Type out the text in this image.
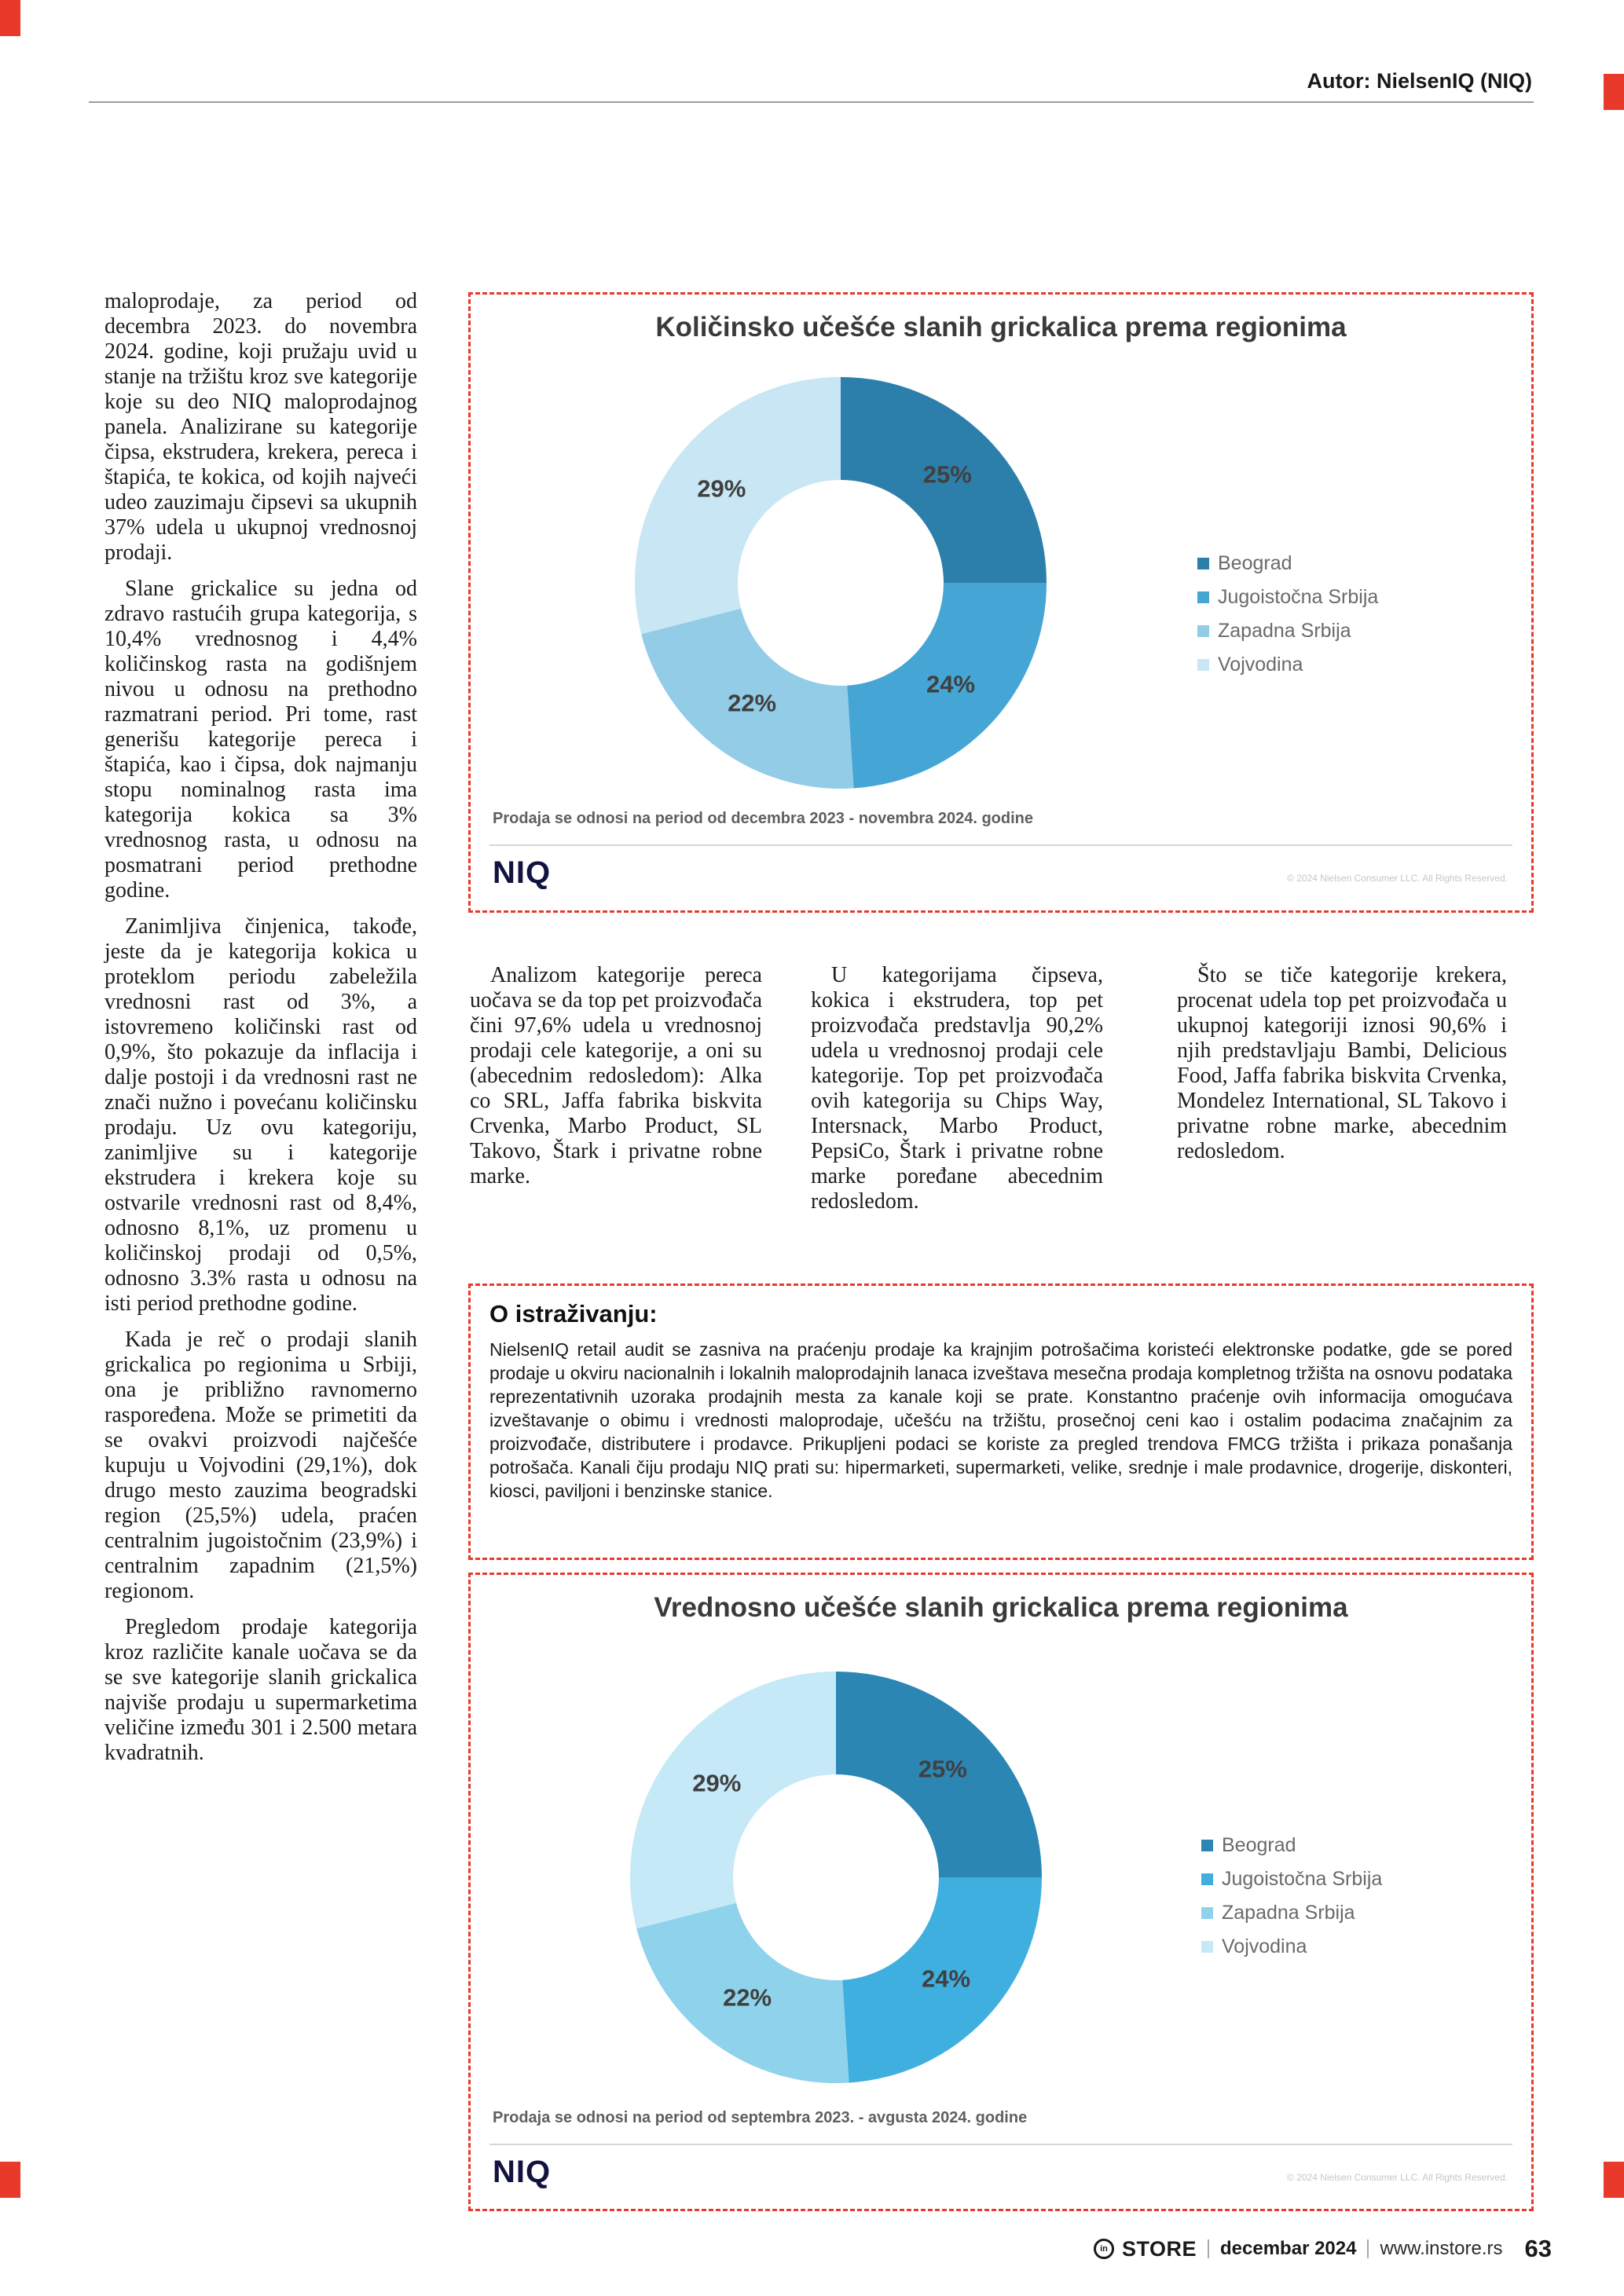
Autor: NielsenIQ (NIQ)

maloprodaje, za period od decembra 2023. do novembra 2024. godine, koji pružaju uvid u stanje na tržištu kroz sve kategorije koje su deo NIQ maloprodajnog panela. Analizirane su kategorije čipsa, ekstrudera, krekera, pereca i štapića, te kokica, od kojih najveći udeo zauzimaju čipsevi sa ukupnih 37% udela u ukupnoj vrednosnoj prodaji.

Slane grickalice su jedna od zdravo rastućih grupa kategorija, s 10,4% vrednosnog i 4,4% količinskog rasta na godišnjem nivou u odnosu na prethodno razmatrani period. Pri tome, rast generišu kategorije pereca i štapića, kao i čipsa, dok najmanju stopu nominalnog rasta ima kategorija kokica sa 3% vrednosnog rasta, u odnosu na posmatrani period prethodne godine.

Zanimljiva činjenica, takođe, jeste da je kategorija kokica u proteklom periodu zabeležila vrednosni rast od 3%, a istovremeno količinski rast od 0,9%, što pokazuje da inflacija i dalje postoji i da vrednosni rast ne znači nužno i povećanu količinsku prodaju. Uz ovu kategoriju, zanimljive su i kategorije ekstrudera i krekera koje su ostvarile vrednosni rast od 8,4%, odnosno 8,1%, uz promenu u količinskoj prodaji od 0,5%, odnosno 3.3% rasta u odnosu na isti period prethodne godine.

Kada je reč o prodaji slanih grickalica po regionima u Srbiji, ona je približno ravnomerno raspoređena. Može se primetiti da se ovakvi proizvodi najčešće kupuju u Vojvodini (29,1%), dok drugo mesto zauzima beogradski region (25,5%) udela, praćen centralnim jugoistočnim (23,9%) i centralnim zapadnim (21,5%) regionom.

Pregledom prodaje kategorija kroz različite kanale uočava se da se sve kategorije slanih grickalica najviše prodaju u supermarketima veličine između 301 i 2.500 metara kvadratnih.

Količinsko učešće slanih grickalica prema regionima
25%
24%
22%
29%
Beograd
Jugoistočna Srbija
Zapadna Srbija
Vojvodina
Prodaja se odnosi na period od decembra 2023 - novembra 2024. godine
NIQ	© 2024 Nielsen Consumer LLC. All Rights Reserved.

Analizom kategorije pereca uočava se da top pet proizvođača čini 97,6% udela u vrednosnoj prodaji cele kategorije, a oni su (abecednim redosledom): Alka co SRL, Jaffa fabrika biskvita Crvenka, Marbo Product, SL Takovo, Štark i privatne robne marke.

U kategorijama čipseva, kokica i ekstrudera, top pet proizvođača predstavlja 90,2% udela u vrednosnoj prodaji cele kategorije. Top pet proizvođača ovih kategorija su Chips Way, Intersnack, Marbo Product, PepsiCo, Štark i privatne robne marke poređane abecednim redosledom.

Što se tiče kategorije krekera, procenat udela top pet proizvođača u ukupnoj kategoriji iznosi 90,6% i njih predstavljaju Bambi, Delicious Food, Jaffa fabrika biskvita Crvenka, Mondelez International, SL Takovo i privatne robne marke, abecednim redosledom.

O istraživanju:
NielsenIQ retail audit se zasniva na praćenju prodaje ka krajnjim potrošačima koristeći elektronske podatke, gde se pored prodaje u okviru nacionalnih i lokalnih maloprodajnih lanaca izveštava mesečna prodaja kompletnog tržišta na osnovu podataka reprezentativnih uzoraka prodajnih mesta za kanale koji se prate. Konstantno praćenje ovih informacija omogućava izveštavanje o obimu i vrednosti maloprodaje, učešću na tržištu, prosečnoj ceni kao i ostalim podacima značajnim za proizvođače, distributere i prodavce. Prikupljeni podaci se koriste za pregled trendova FMCG tržišta i prikaza ponašanja potrošača. Kanali čiju prodaju NIQ prati su: hipermarketi, supermarketi, velike, srednje i male prodavnice, drogerije, diskonteri, kiosci, paviljoni i benzinske stanice.
Vrednosno učešće slanih grickalica prema regionima
25%
24%
22%
29%
Beograd
Jugoistočna Srbija
Zapadna Srbija
Vojvodina
Prodaja se odnosi na period od septembra 2023. - avgusta 2024. godine
NIQ	© 2024 Nielsen Consumer LLC. All Rights Reserved.
in STORE decembar 2024 www.instore.rs 63
